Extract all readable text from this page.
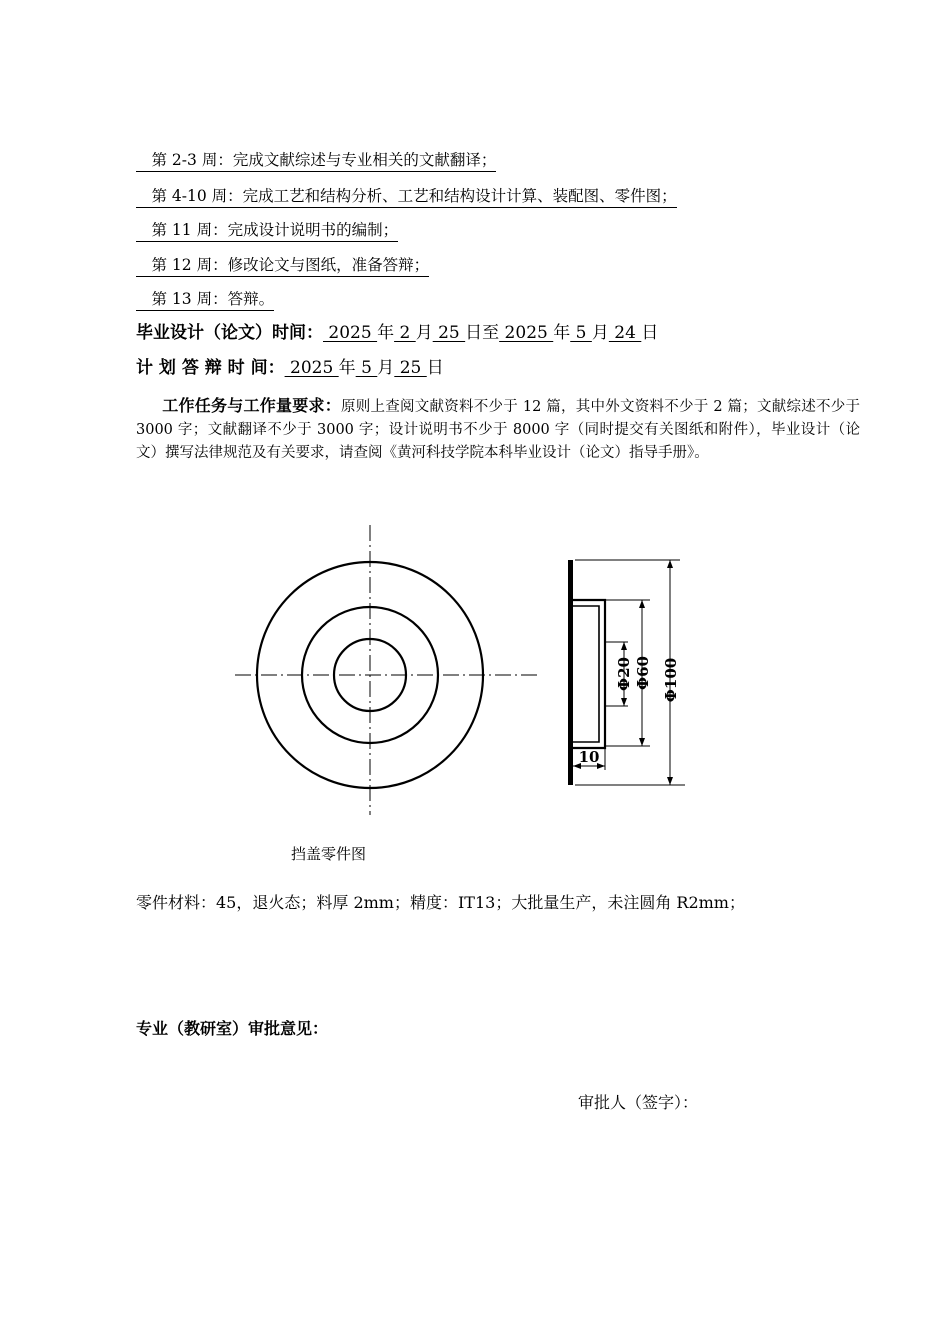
　第 2-3 周：完成文献综述与专业相关的文献翻译；
　第 4-10 周：完成工艺和结构分析、工艺和结构设计计算、装配图、零件图；
　第 11 周：完成设计说明书的编制；
　第 12 周：修改论文与图纸，准备答辩；
　第 13 周：答辩。
毕业设计（论文）时间： 2025 年 2 月 25 日至 2025 年 5 月 24 日
计 划 答 辩 时 间： 2025 年 5 月 25 日
工作任务与工作量要求：原则上查阅文献资料不少于 12 篇，其中外文资料不少于 2 篇；文献综述不少于 3000 字；文献翻译不少于 3000 字；设计说明书不少于 8000 字（同时提交有关图纸和附件），毕业设计（论文）撰写法律规范及有关要求，请查阅《黄河科技学院本科毕业设计（论文）指导手册》。
Φ20 Φ60 Φ100
10
挡盖零件图
零件材料：45，退火态；料厚 2mm；精度：IT13；大批量生产，未注圆角 R2mm；
专业（教研室）审批意见：
审批人（签字）：
